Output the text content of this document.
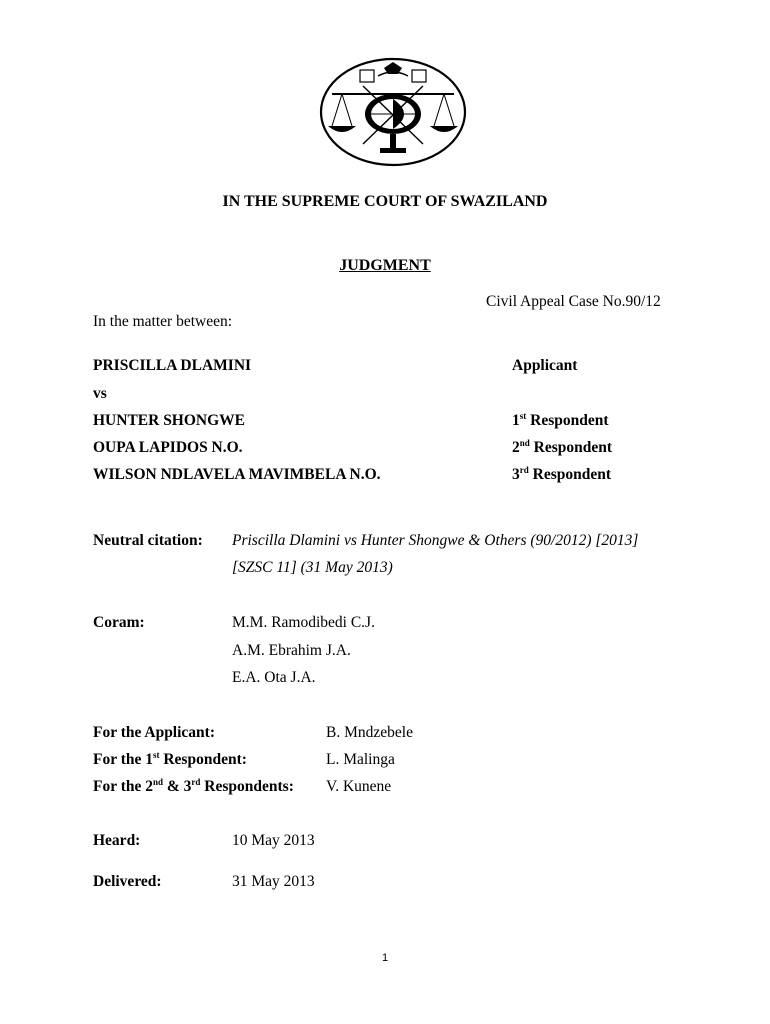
IN THE SUPREME COURT OF SWAZILAND
JUDGMENT
Civil Appeal Case No.90/12
In the matter between:
PRISCILLA DLAMINI	Applicant
vs
HUNTER SHONGWE	1st Respondent
OUPA LAPIDOS N.O.	2nd Respondent
WILSON NDLAVELA MAVIMBELA N.O.	3rd Respondent
Neutral citation: Priscilla Dlamini vs Hunter Shongwe & Others (90/2012) [2013]
[SZSC 11] (31 May 2013)
Coram:	M.M. Ramodibedi C.J.
A.M. Ebrahim J.A.
E.A. Ota J.A.
For the Applicant:	B. Mndzebele
For the 1st Respondent:	L. Malinga
For the 2nd & 3rd Respondents: V. Kunene
Heard:	10 May 2013
Delivered:	31 May 2013
1
